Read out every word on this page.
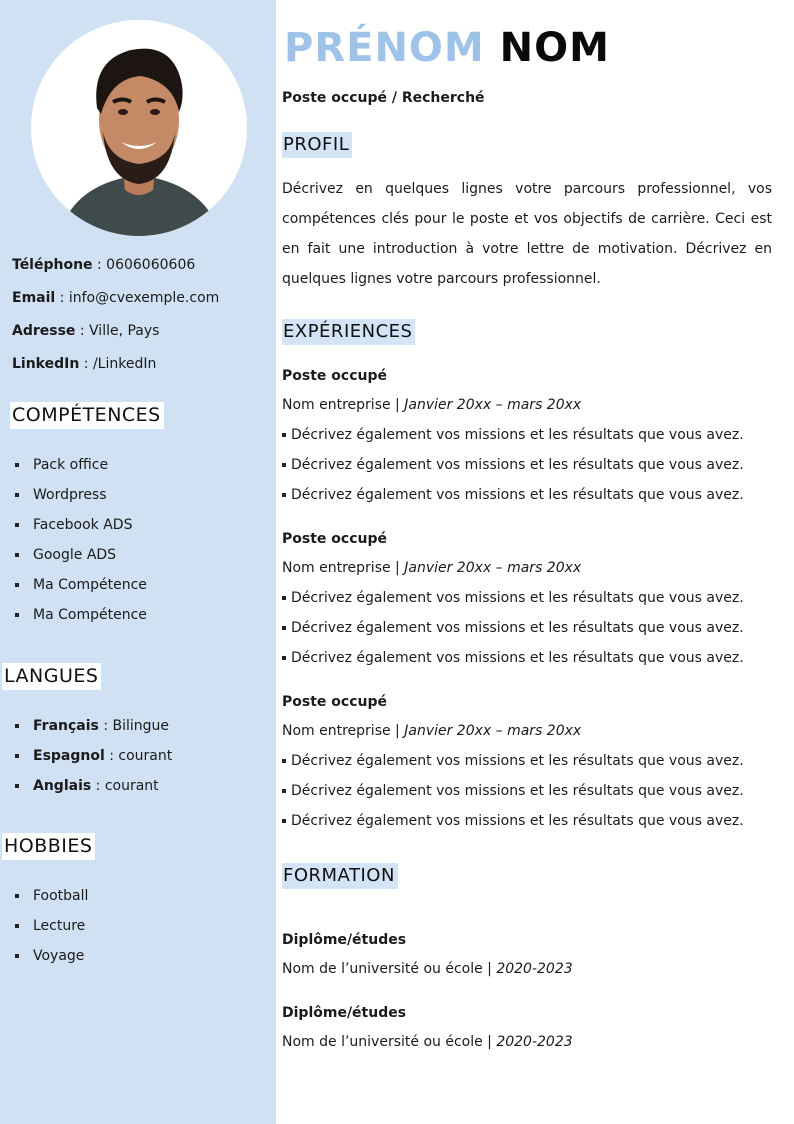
Téléphone : 0606060606
Email : info@cvexemple.com
Adresse : Ville, Pays
LinkedIn : /LinkedIn
COMPÉTENCES
Pack office
Wordpress
Facebook ADS
Google ADS
Ma Compétence
Ma Compétence
LANGUES
Français : Bilingue
Espagnol : courant
Anglais : courant
HOBBIES
Football
Lecture
Voyage
PRÉNOM NOM
Poste occupé / Recherché
PROFIL

Décrivez en quelques lignes votre parcours professionnel, vos compétences clés pour le poste et vos objectifs de carrière. Ceci est en fait une introduction à votre lettre de motivation. Décrivez en quelques lignes votre parcours professionnel.

EXPÉRIENCES
Poste occupé
Nom entreprise | Janvier 20xx – mars 20xx
Décrivez également vos missions et les résultats que vous avez.
Décrivez également vos missions et les résultats que vous avez.
Décrivez également vos missions et les résultats que vous avez.
Poste occupé
Nom entreprise | Janvier 20xx – mars 20xx
Décrivez également vos missions et les résultats que vous avez.
Décrivez également vos missions et les résultats que vous avez.
Décrivez également vos missions et les résultats que vous avez.
Poste occupé
Nom entreprise | Janvier 20xx – mars 20xx
Décrivez également vos missions et les résultats que vous avez.
Décrivez également vos missions et les résultats que vous avez.
Décrivez également vos missions et les résultats que vous avez.
FORMATION
Diplôme/études
Nom de l’université ou école | 2020-2023
Diplôme/études
Nom de l’université ou école | 2020-2023
